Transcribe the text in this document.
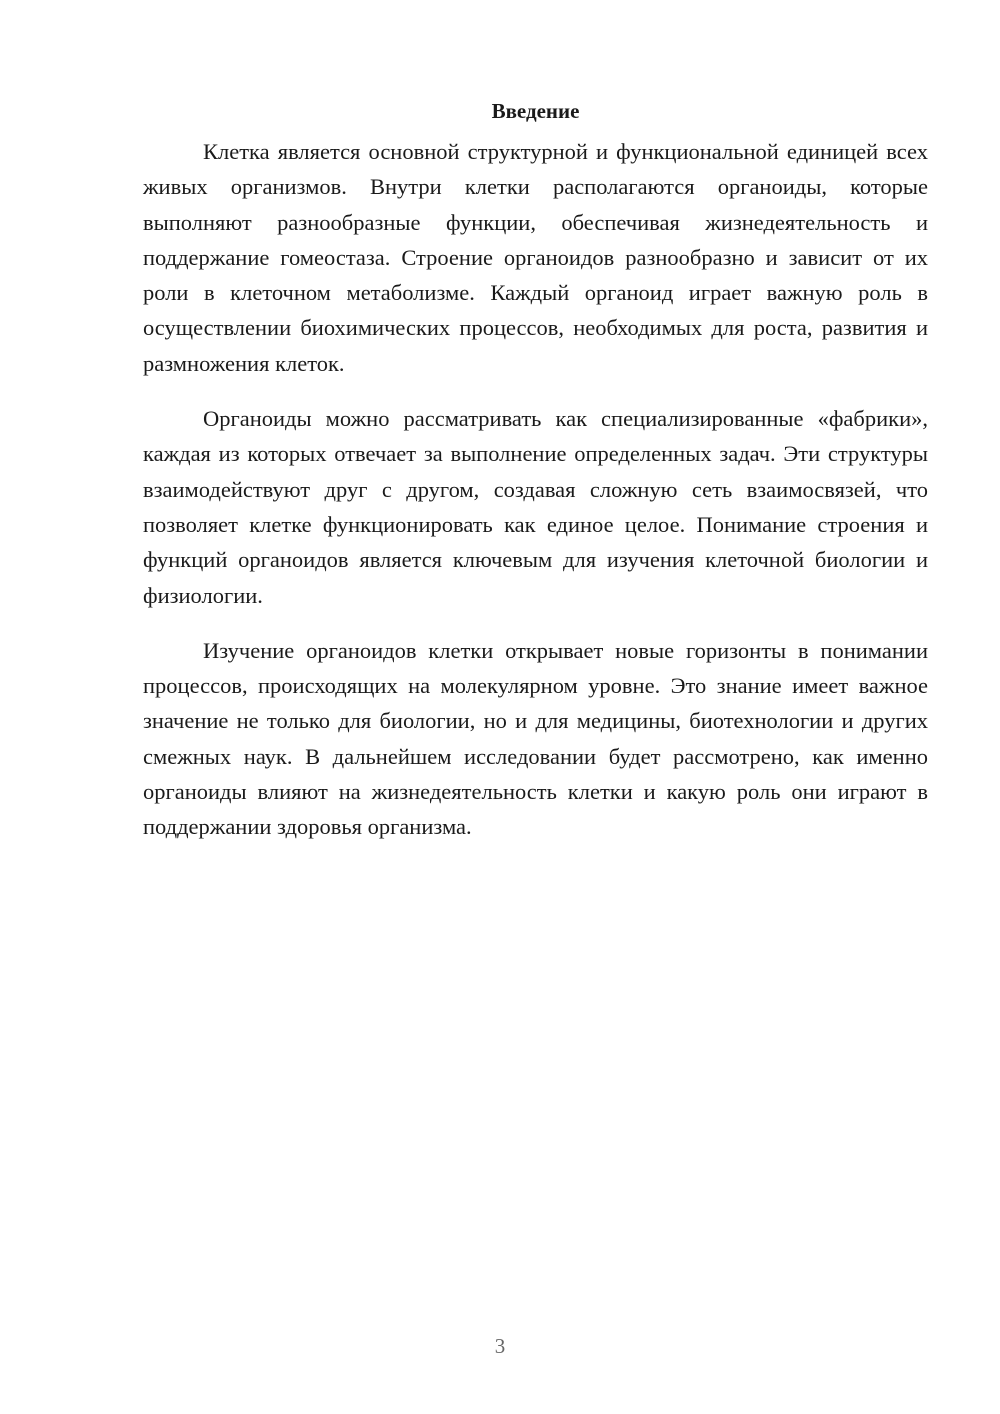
Введение

Клетка является основной структурной и функциональной единицей всех живых организмов. Внутри клетки располагаются органоиды, которые выполняют разнообразные функции, обеспечивая жизнедеятельность и поддержание гомеостаза. Строение органоидов разнообразно и зависит от их роли в клеточном метаболизме. Каждый органоид играет важную роль в осуществлении биохимических процессов, необходимых для роста, развития и размножения клеток.

Органоиды можно рассматривать как специализированные «фабрики», каждая из которых отвечает за выполнение определенных задач. Эти структуры взаимодействуют друг с другом, создавая сложную сеть взаимосвязей, что позволяет клетке функционировать как единое целое. Понимание строения и функций органоидов является ключевым для изучения клеточной биологии и физиологии.

Изучение органоидов клетки открывает новые горизонты в понимании процессов, происходящих на молекулярном уровне. Это знание имеет важное значение не только для биологии, но и для медицины, биотехнологии и других смежных наук. В дальнейшем исследовании будет рассмотрено, как именно органоиды влияют на жизнедеятельность клетки и какую роль они играют в поддержании здоровья организма.

3
